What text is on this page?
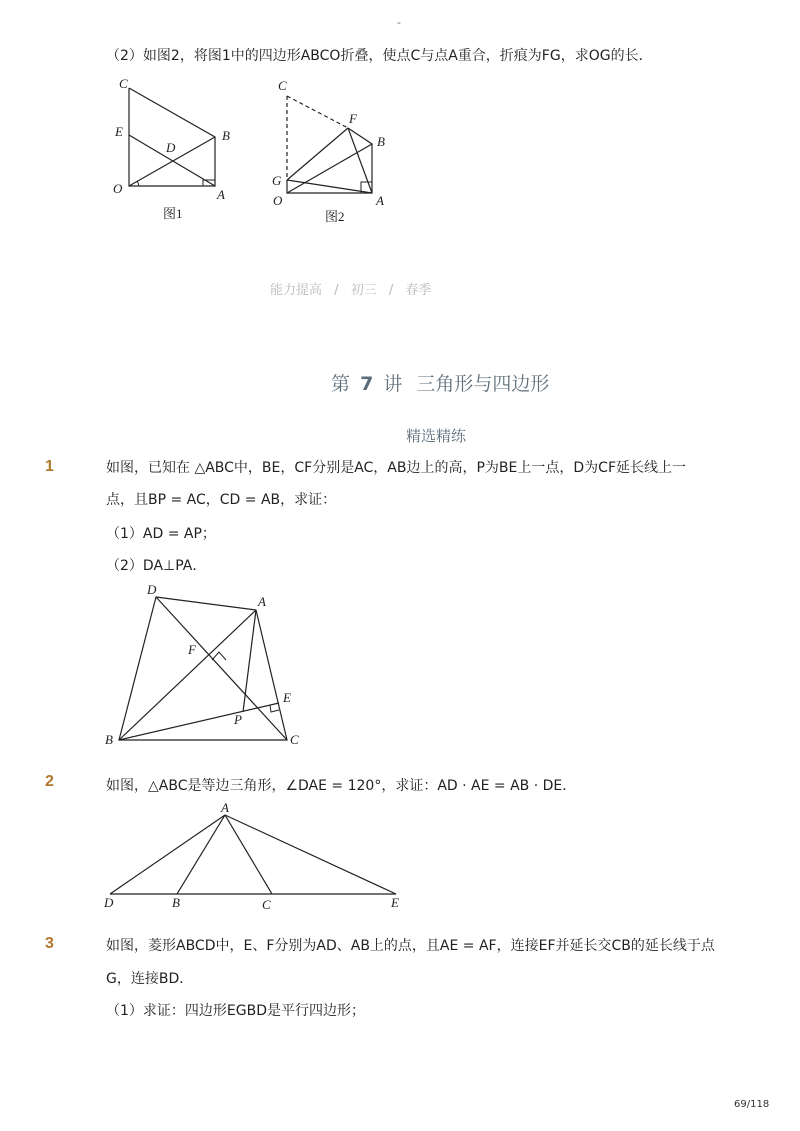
-
（2）如图2，将图1中的四边形ABCO折叠，使点C与点A重合，折痕为FG，求OG的长．
C
E
D
B
O	A
图1
C
F
B
G
O	A
图2
能力提高 / 初三 / 春季
第 7 讲 三角形与四边形
精选精练
1	如图，已知在 △ABC中，BE，CF分别是AC，AB边上的高，P为BE上一点，D为CF延长线上一
点，且BP = AC，CD = AB，求证：
（1）AD = AP；
（2）DA⊥PA．
D
A
F
E
P
B	C
2	如图，△ABC是等边三角形，∠DAE = 120°，求证：AD · AE = AB · DE．
A
D	B	C	E
3	如图，菱形ABCD中，E、F分别为AD、AB上的点，且AE = AF，连接EF并延长交CB的延长线于点
G，连接BD．
（1）求证：四边形EGBD是平行四边形；
69/118
